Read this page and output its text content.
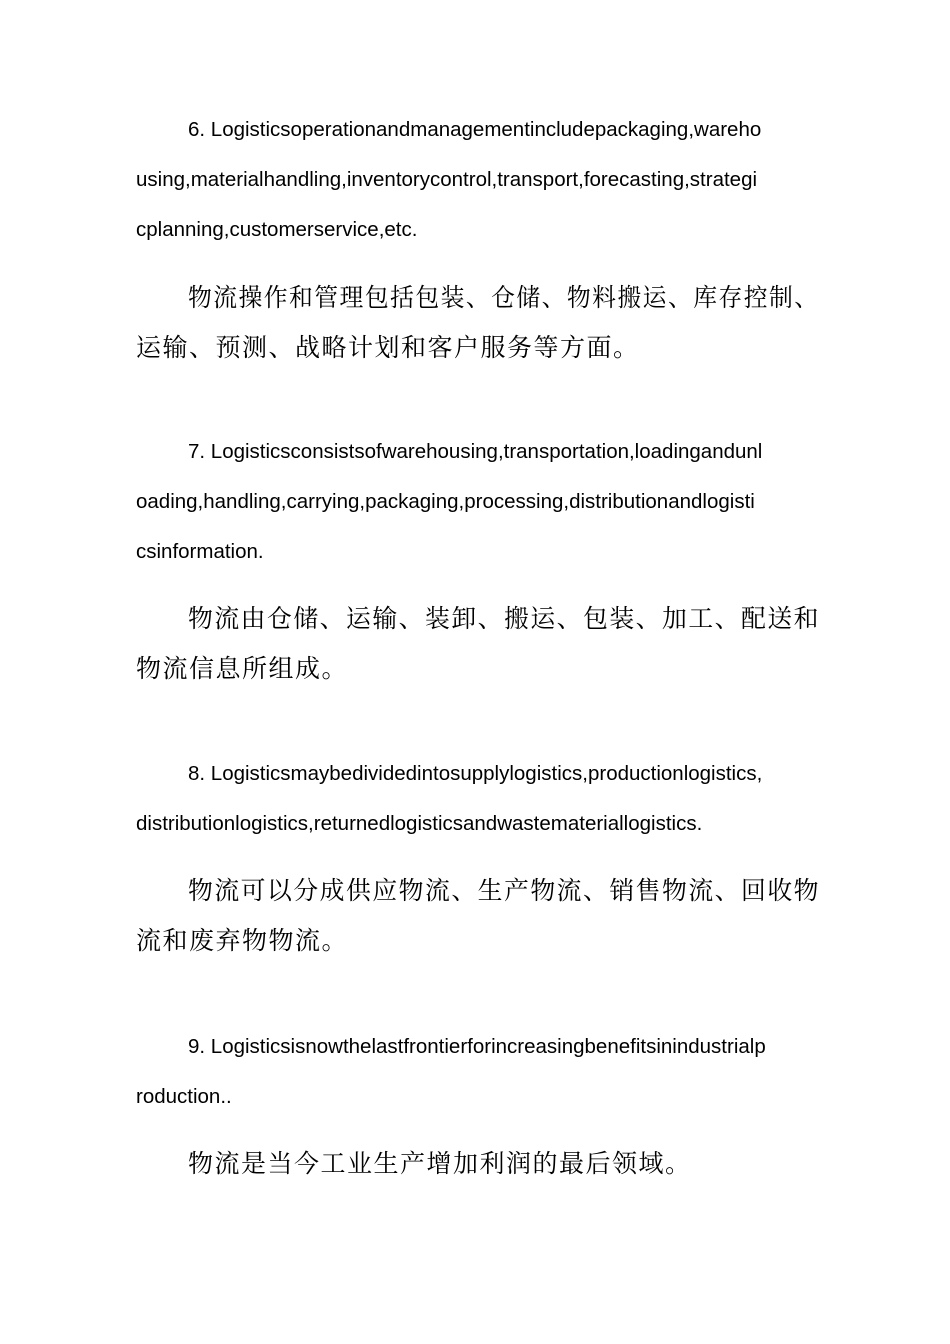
6. Logisticsoperationandmanagementincludepackaging,wareho

using,materialhandling,inventorycontrol,transport,forecasting,strategi

cplanning,customerservice,etc.

物流操作和管理包括包装、仓储、物料搬运、库存控制、

运输、预测、战略计划和客户服务等方面。

7. Logisticsconsistsofwarehousing,transportation,loadingandunl

oading,handling,carrying,packaging,processing,distributionandlogisti

csinformation.

物流由仓储、运输、装卸、搬运、包装、加工、配送和

物流信息所组成。

8. Logisticsmaybedividedintosupplylogistics,productionlogistics,

distributionlogistics,returnedlogisticsandwastemateriallogistics.

物流可以分成供应物流、生产物流、销售物流、回收物

流和废弃物物流。

9. Logisticsisnowthelastfrontierforincreasingbenefitsinindustrialp

roduction..

物流是当今工业生产增加利润的最后领域。
